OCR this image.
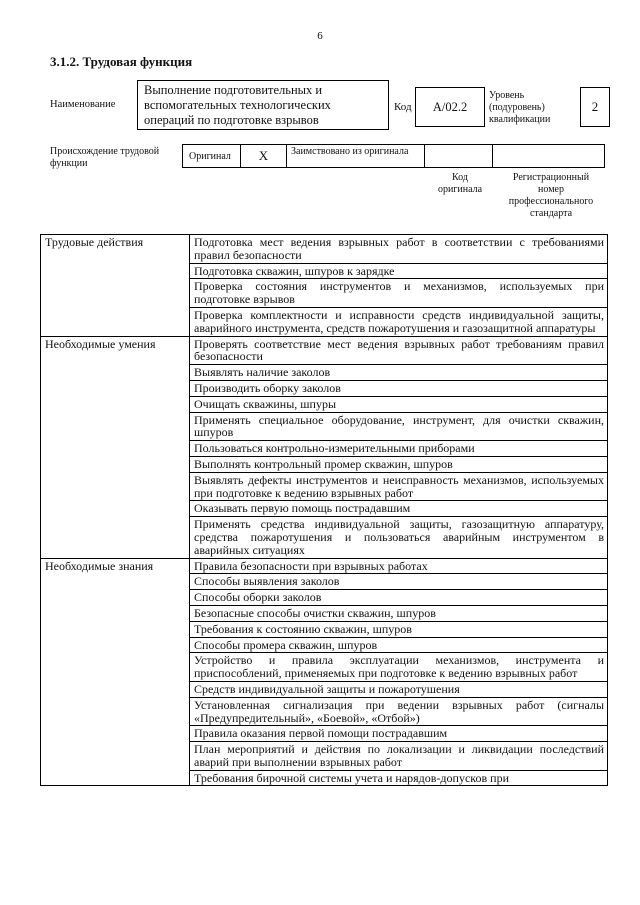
6
3.1.2. Трудовая функция
Наименование
Выполнение подготовительных и вспомогательных технологических операций по подготовке взрывов
Код	А/02.2
Уровень (подуровень) квалификации
2
Происхождение трудовой функции
Оригинал	X	Заимствовано из оригинала
Код оригинала
Регистрационный номер профессионального стандарта
Трудовые действия	Подготовка мест ведения взрывных работ в соответствии с требованиями правил безопасности
	Подготовка скважин, шпуров к зарядке
	Проверка состояния инструментов и механизмов, используемых при подготовке взрывов
	Проверка комплектности и исправности средств индивидуальной защиты, аварийного инструмента, средств пожаротушения и газозащитной аппаратуры
Необходимые умения	Проверять соответствие мест ведения взрывных работ требованиям правил безопасности
	Выявлять наличие заколов
	Производить оборку заколов
	Очищать скважины, шпуры
	Применять специальное оборудование, инструмент, для очистки скважин, шпуров
	Пользоваться контрольно-измерительными приборами
	Выполнять контрольный промер скважин, шпуров
	Выявлять дефекты инструментов и неисправность механизмов, используемых при подготовке к ведению взрывных работ
	Оказывать первую помощь пострадавшим
	Применять средства индивидуальной защиты, газозащитную аппаратуру, средства пожаротушения и пользоваться аварийным инструментом в аварийных ситуациях
Необходимые знания	Правила безопасности при взрывных работах
	Способы выявления заколов
	Способы оборки заколов
	Безопасные способы очистки скважин, шпуров
	Требования к состоянию скважин, шпуров
	Способы промера скважин, шпуров
	Устройство и правила эксплуатации механизмов, инструмента и приспособлений, применяемых при подготовке к ведению взрывных работ
	Средств индивидуальной защиты и пожаротушения
	Установленная сигнализация при ведении взрывных работ (сигналы «Предупредительный», «Боевой», «Отбой»)
	Правила оказания первой помощи пострадавшим
	План мероприятий и действия по локализации и ликвидации последствий аварий при выполнении взрывных работ
	Требования бирочной системы учета и нарядов-допусков при
